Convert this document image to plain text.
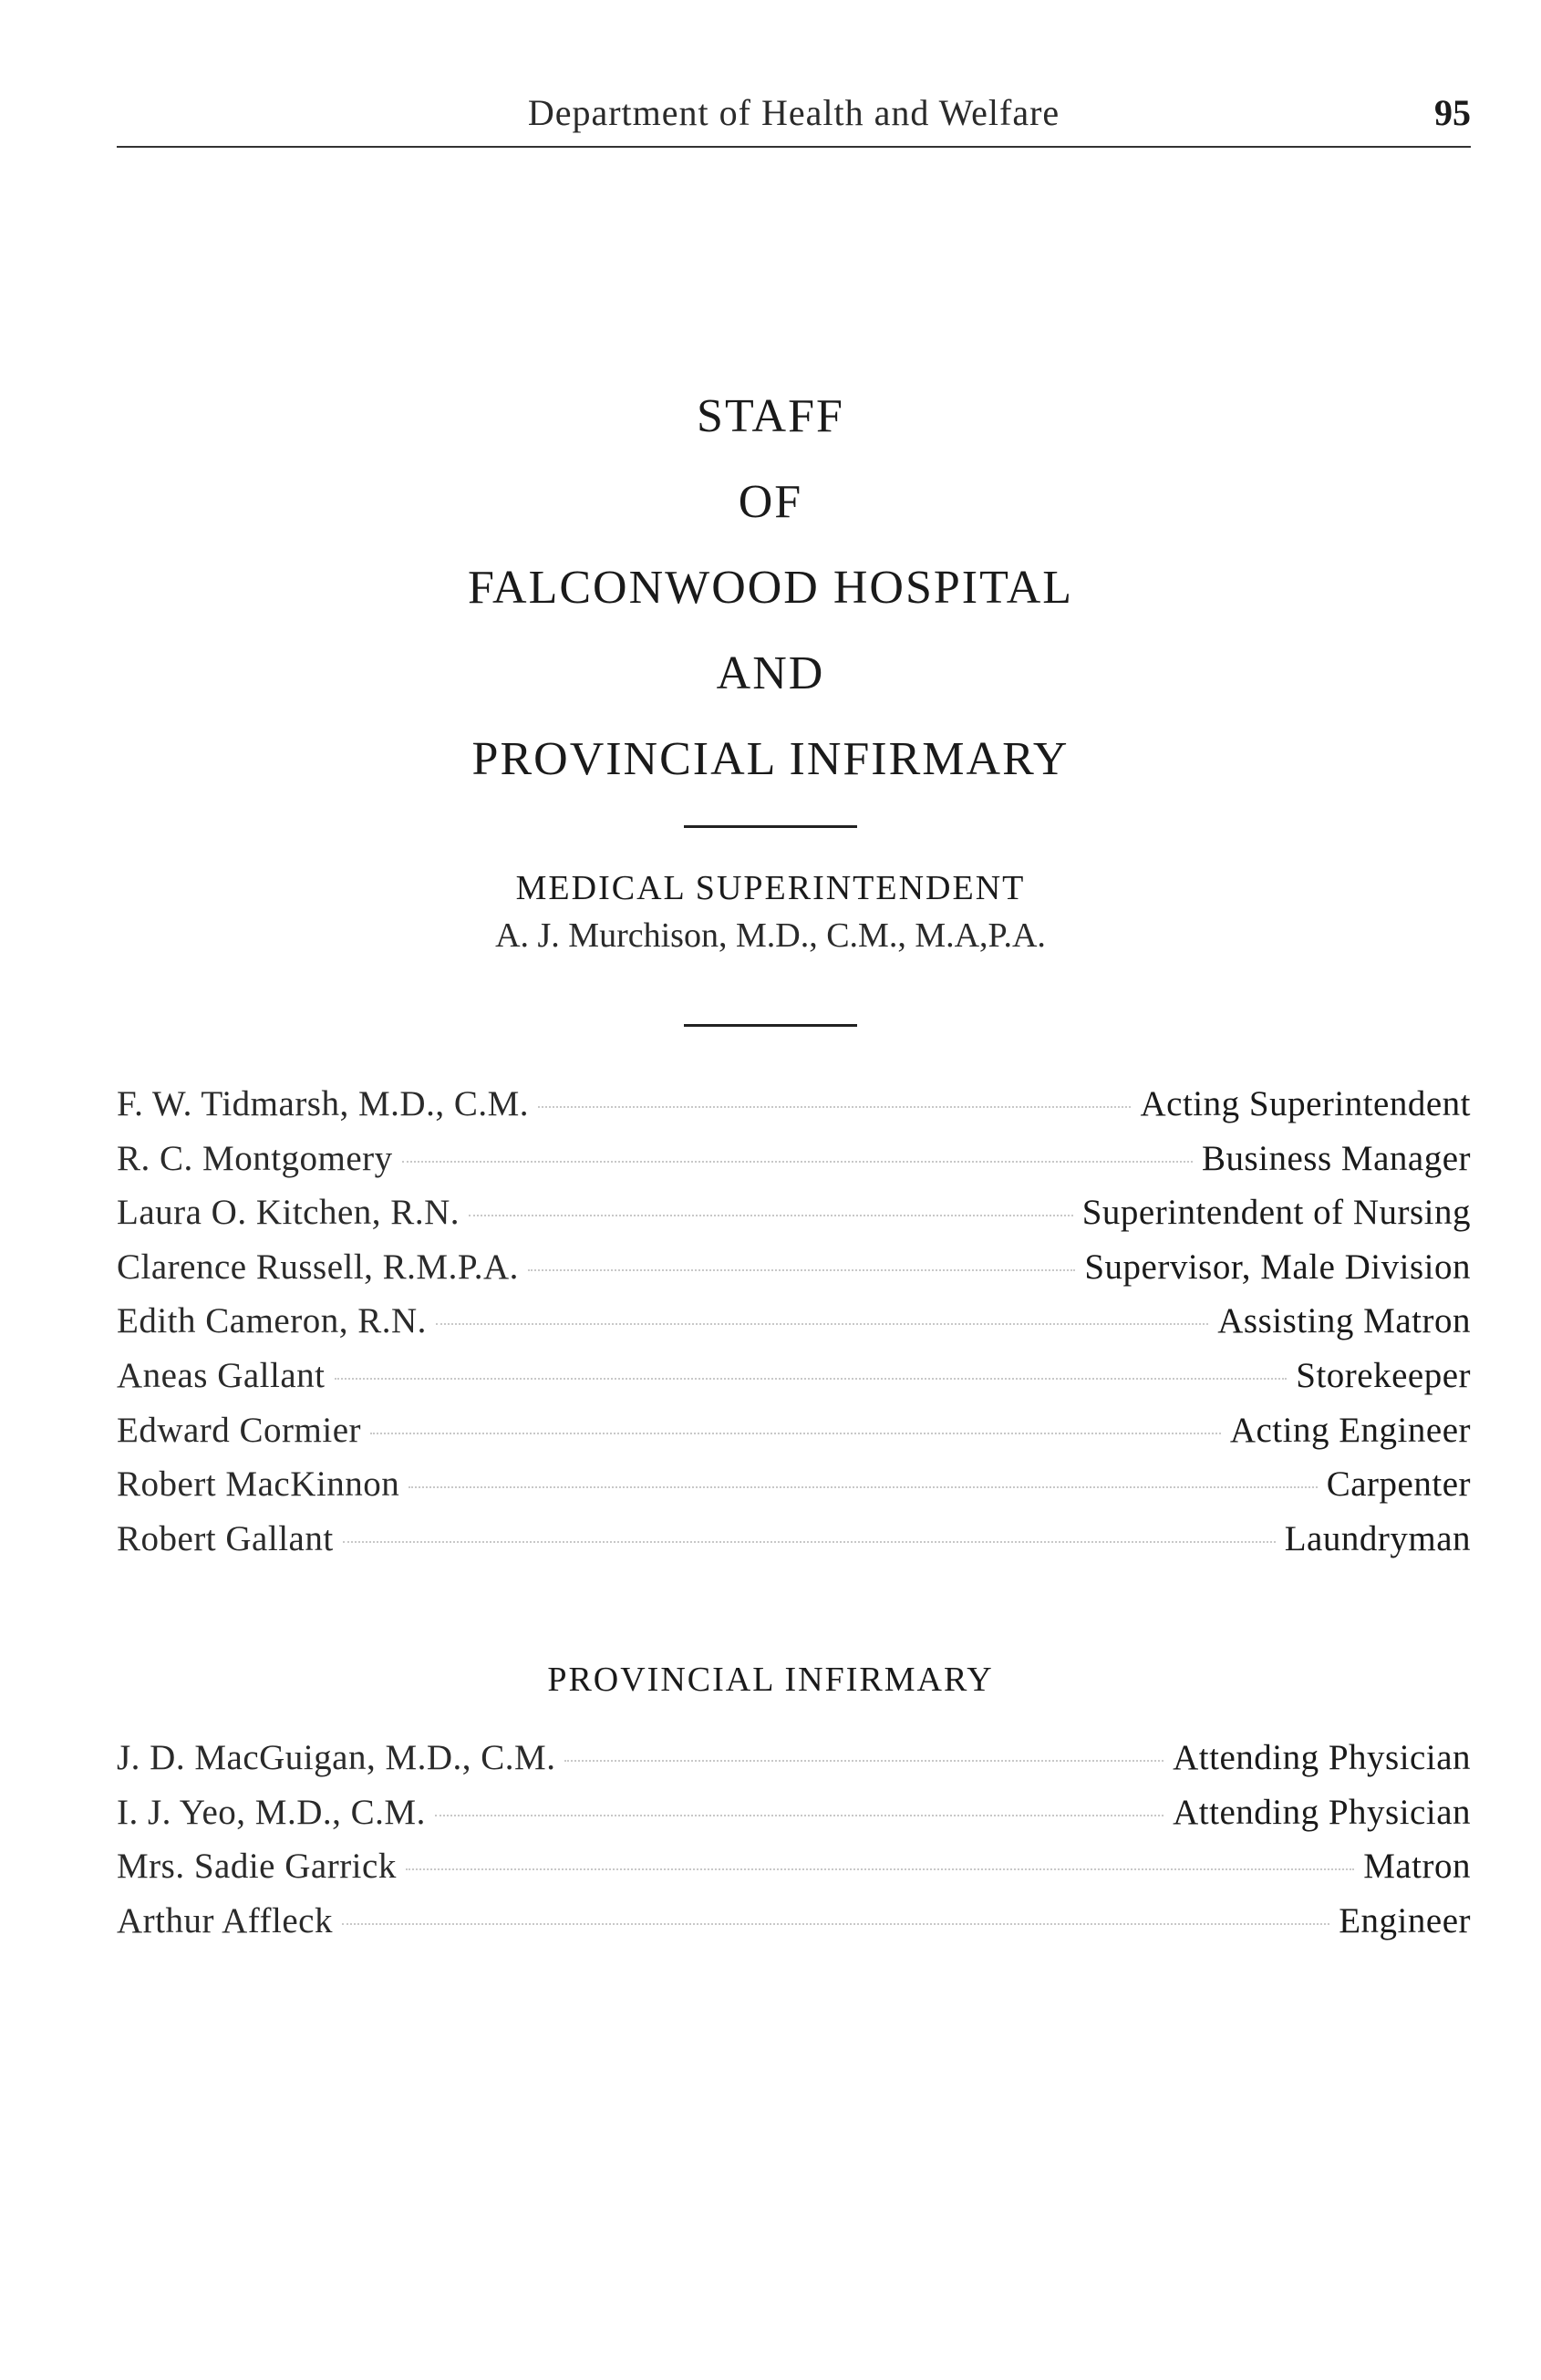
Department of Health and Welfare	95

STAFF

OF

FALCONWOOD HOSPITAL

AND

PROVINCIAL INFIRMARY

MEDICAL SUPERINTENDENT
A. J. Murchison, M.D., C.M., M.A,P.A.
F. W. Tidmarsh, M.D., C.M.	Acting Superintendent
R. C. Montgomery	Business Manager
Laura O. Kitchen, R.N.	Superintendent of Nursing
Clarence Russell, R.M.P.A.	Supervisor, Male Division
Edith Cameron, R.N.	Assisting Matron
Aneas Gallant	Storekeeper
Edward Cormier	Acting Engineer
Robert MacKinnon	Carpenter
Robert Gallant	Laundryman
PROVINCIAL INFIRMARY
J. D. MacGuigan, M.D., C.M.	Attending Physician
I. J. Yeo, M.D., C.M.	Attending Physician
Mrs. Sadie Garrick	Matron
Arthur Affleck	Engineer
